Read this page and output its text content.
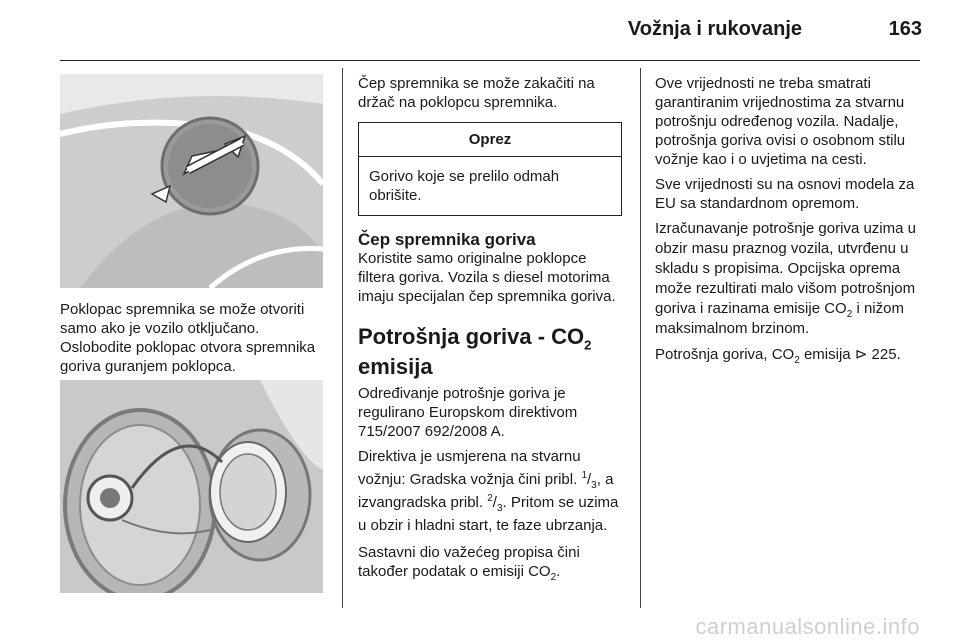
Vožnja i rukovanje	163

Poklopac spremnika se može otvoriti samo ako je vozilo otključano. Oslobodite poklopac otvora spremnika goriva guranjem poklopca.

Čep spremnika se može zakačiti na držač na poklopcu spremnika.

Oprez
Gorivo koje se prelilo odmah obrišite.
Čep spremnika goriva

Koristite samo originalne poklopce filtera goriva. Vozila s diesel motorima imaju specijalan čep spremnika goriva.

Potrošnja goriva - $CO_2$
emisija

Određivanje potrošnje goriva je regulirano Europskom direktivom 715/2007 692/2008 A.

Direktiva je usmjerena na stvarnu vožnju: Gradska vožnja čini pribl. $^1/_3$, a izvangradska pribl. $^2/_3$. Pritom se uzima u obzir i hladni start, te faze ubrzanja.

Sastavni dio važećeg propisa čini također podatak o emisiji $CO_2$.

Ove vrijednosti ne treba smatrati garantiranim vrijednostima za stvarnu potrošnju određenog vozila. Nadalje, potrošnja goriva ovisi o osobnom stilu vožnje kao i o uvjetima na cesti.

Sve vrijednosti su na osnovi modela za EU sa standardnom opremom.

Izračunavanje potrošnje goriva uzima u obzir masu praznog vozila, utvrđenu u skladu s propisima. Opcijska oprema može rezultirati malo višom potrošnjom goriva i razinama emisije $CO_2$ i nižom maksimalnom brzinom.

Potrošnja goriva, $CO_2$ emisija ⊳ 225.

carmanualsonline.info
